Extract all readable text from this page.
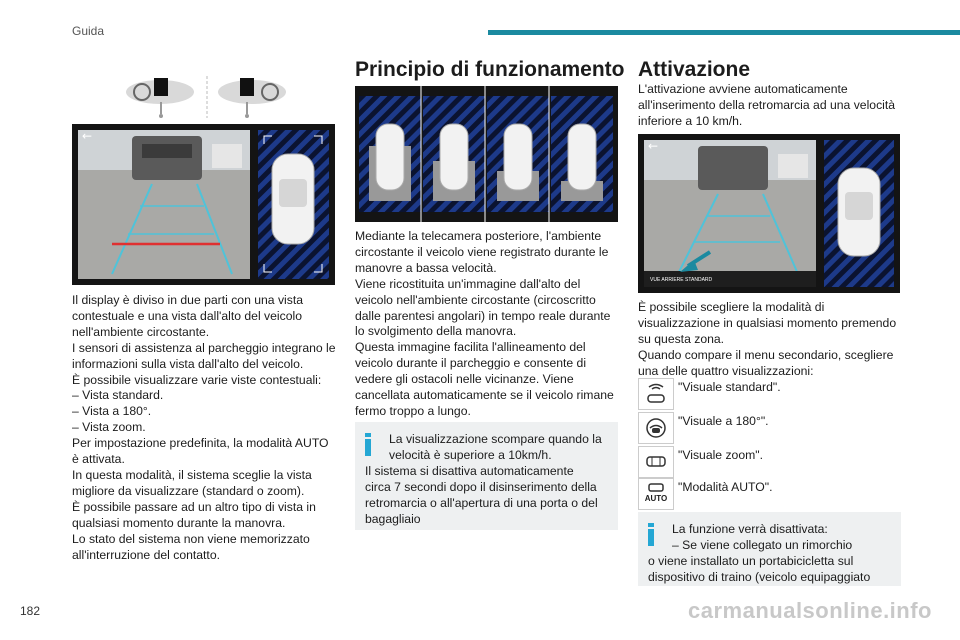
Guida
←
Il display è diviso in due parti con una vista
contestuale e una vista dall'alto del veicolo
nell'ambiente circostante.
I sensori di assistenza al parcheggio integrano le
informazioni sulla vista dall'alto del veicolo.
È possibile visualizzare varie viste contestuali:
– Vista standard.
– Vista a 180°.
– Vista zoom.
Per impostazione predefinita, la modalità AUTO
è attivata.
In questa modalità, il sistema sceglie la vista
migliore da visualizzare (standard o zoom).
È possibile passare ad un altro tipo di vista in
qualsiasi momento durante la manovra.
Lo stato del sistema non viene memorizzato
all'interruzione del contatto.
Principio di funzionamento
Mediante la telecamera posteriore, l'ambiente
circostante il veicolo viene registrato durante le
manovre a bassa velocità.
Viene ricostituita un'immagine dall'alto del
veicolo nell'ambiente circostante (circoscritto
dalle parentesi angolari) in tempo reale durante
lo svolgimento della manovra.
Questa immagine facilita l'allineamento del
veicolo durante il parcheggio e consente di
vedere gli ostacoli nelle vicinanze. Viene
cancellata automaticamente se il veicolo rimane
fermo troppo a lungo.
La visualizzazione scompare quando la
velocità è superiore a 10km/h.
Il sistema si disattiva automaticamente
circa 7 secondi dopo il disinserimento della
retromarcia o all'apertura di una porta o del
bagagliaio
Attivazione
L'attivazione avviene automaticamente
all'inserimento della retromarcia ad una velocità
inferiore a 10 km/h.
←
VUE ARRIERE STANDARD
È possibile scegliere la modalità di
visualizzazione in qualsiasi momento premendo
su questa zona.
Quando compare il menu secondario, scegliere
una delle quattro visualizzazioni:
"Visuale standard".
"Visuale a 180°".
"Visuale zoom".
AUTO
"Modalità AUTO".
La funzione verrà disattivata:
– Se viene collegato un rimorchio
o viene installato un portabicicletta sul
dispositivo di traino (veicolo equipaggiato
182	carmanualsonline.info
